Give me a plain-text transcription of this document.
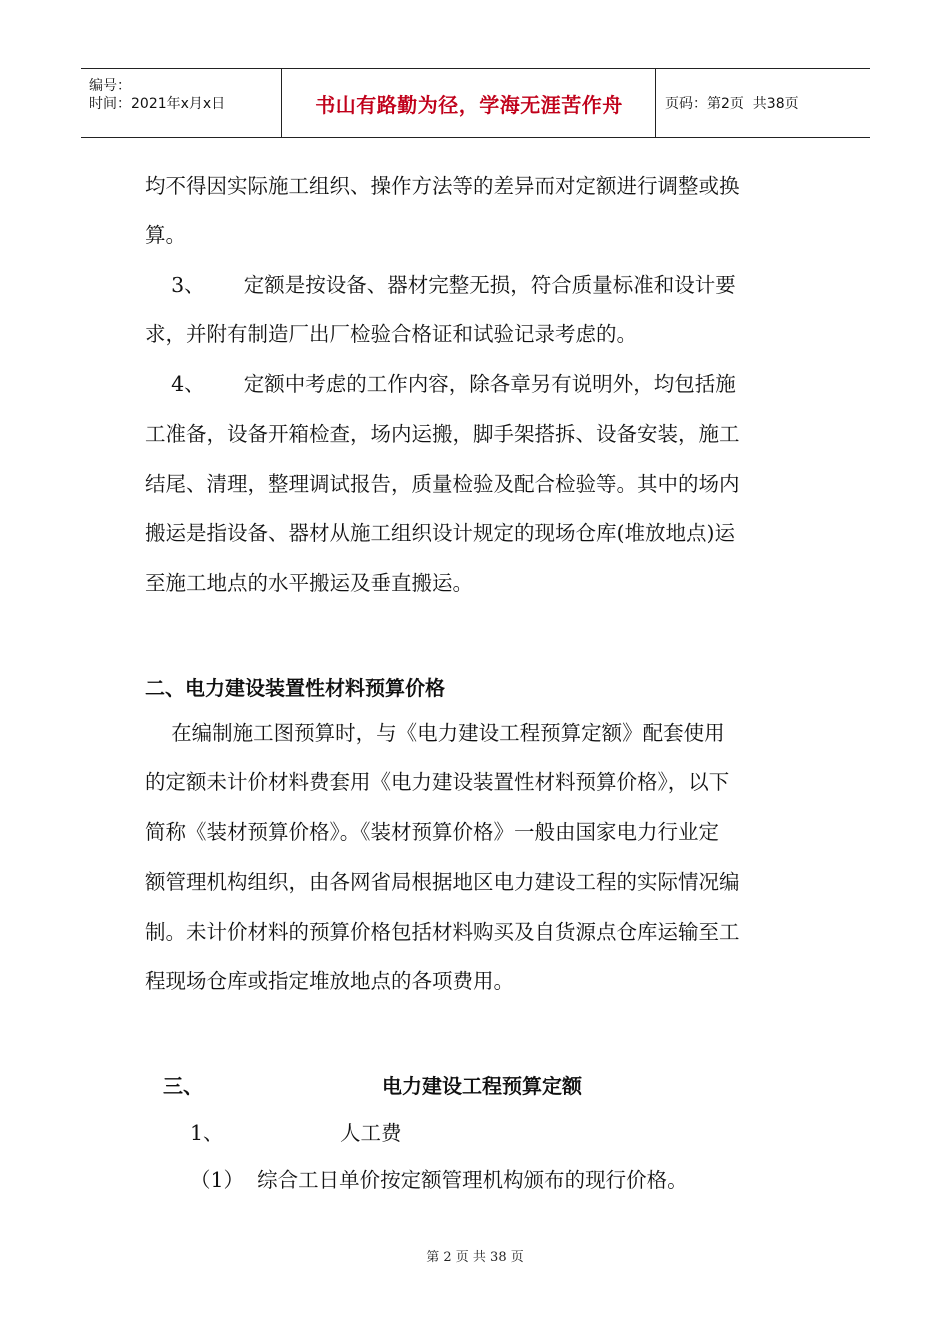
编号：
时间：2021年x月x日	书山有路勤为径，学海无涯苦作舟	页码：第2页  共38页
均不得因实际施工组织、操作方法等的差异而对定额进行调整或换
算。
3、      定额是按设备、器材完整无损，符合质量标准和设计要
求，并附有制造厂出厂检验合格证和试验记录考虑的。
4、      定额中考虑的工作内容，除各章另有说明外，均包括施
工准备，设备开箱检查，场内运搬，脚手架搭拆、设备安装，施工
结尾、清理，整理调试报告，质量检验及配合检验等。其中的场内
搬运是指设备、器材从施工组织设计规定的现场仓库(堆放地点)运
至施工地点的水平搬运及垂直搬运。
二、电力建设装置性材料预算价格
在编制施工图预算时，与《电力建设工程预算定额》配套使用
的定额未计价材料费套用《电力建设装置性材料预算价格》，以下
简称《装材预算价格》。《装材预算价格》一般由国家电力行业定
额管理机构组织，由各网省局根据地区电力建设工程的实际情况编
制。未计价材料的预算价格包括材料购买及自货源点仓库运输至工
程现场仓库或指定堆放地点的各项费用。
三、	电力建设工程预算定额
1、	人工费
（1）  综合工日单价按定额管理机构颁布的现行价格。
第 2 页 共 38 页
